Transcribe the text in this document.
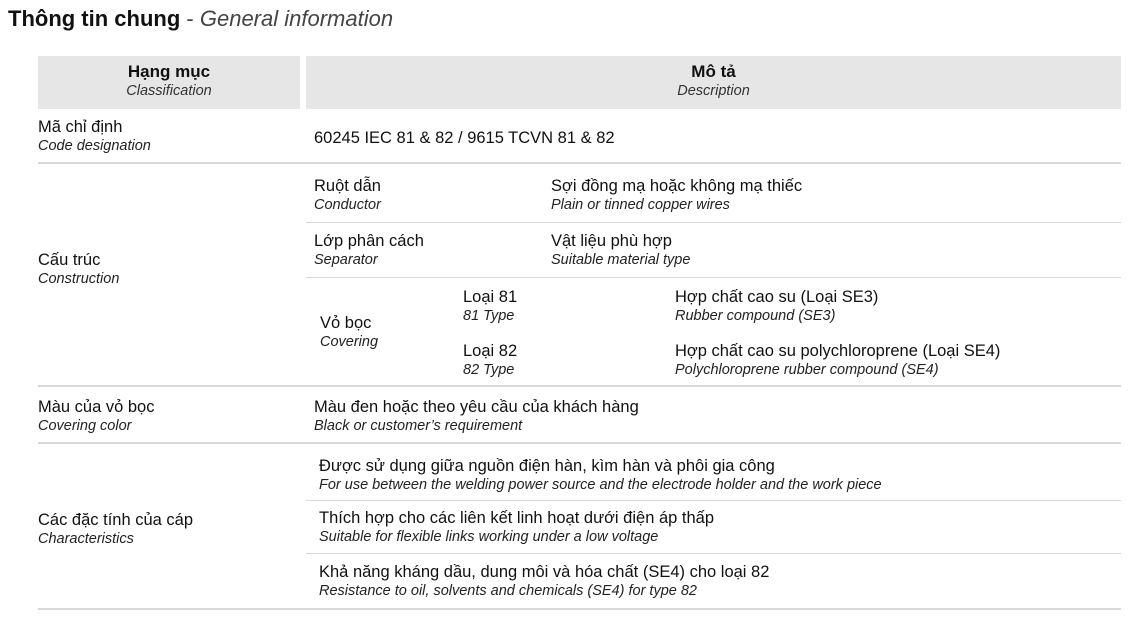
Thông tin chung - General information
Hạng mục
Classification
Mô tả
Description
Mã chỉ định
Code designation	60245 IEC 81 & 82 / 9615 TCVN 81 & 82
Cấu trúc
Construction
Ruột dẫn
Conductor
Sợi đồng mạ hoặc không mạ thiếc
Plain or tinned copper wires
Lớp phân cách
Separator
Vật liệu phù hợp
Suitable material type
Vỏ bọc
Covering
Loại 81
81 Type
Hợp chất cao su (Loại SE3)
Rubber compound (SE3)
Loại 82
82 Type
Hợp chất cao su polychloroprene (Loại SE4)
Polychloroprene rubber compound (SE4)
Màu của vỏ bọc
Covering color
Màu đen hoặc theo yêu cầu của khách hàng
Black or customer’s requirement
Các đặc tính của cáp
Characteristics
Được sử dụng giữa nguồn điện hàn, kìm hàn và phôi gia công
For use between the welding power source and the electrode holder and the work piece
Thích hợp cho các liên kết linh hoạt dưới điện áp thấp
Suitable for flexible links working under a low voltage
Khả năng kháng dầu, dung môi và hóa chất (SE4) cho loại 82
Resistance to oil, solvents and chemicals (SE4) for type 82
